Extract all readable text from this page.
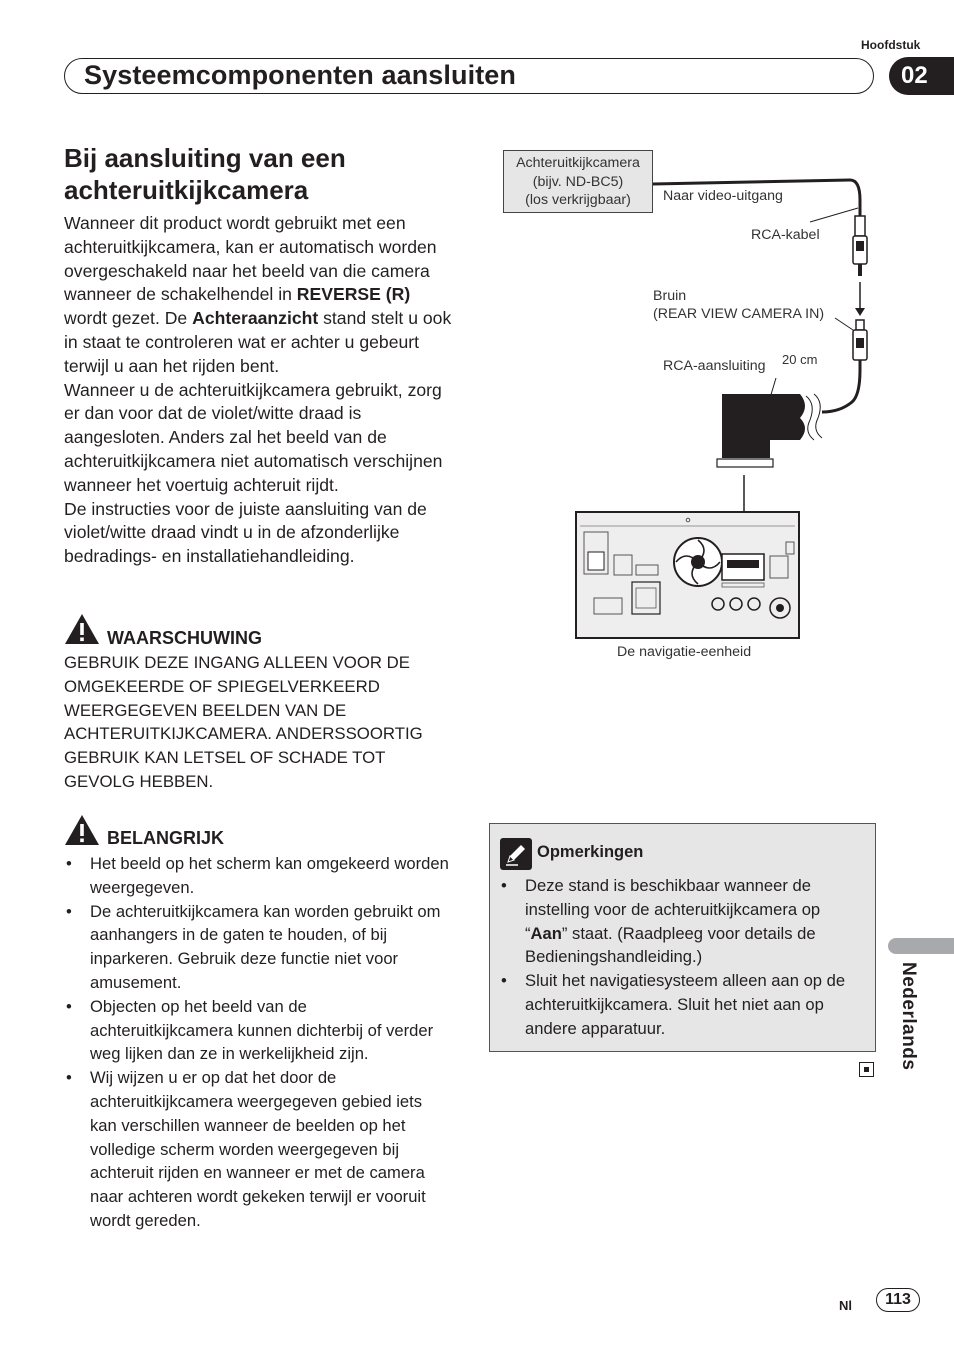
Hoofdstuk
Systeemcomponenten aansluiten	02
Bij aansluiting van een
achteruitkijkcamera

Wanneer dit product wordt gebruikt met een achteruitkijkcamera, kan er automatisch worden overgeschakeld naar het beeld van die camera wanneer de schakelhendel in REVERSE (R) wordt gezet. De Achteraanzicht stand stelt u ook in staat te controleren wat er achter u gebeurt terwijl u aan het rijden bent.

Wanneer u de achteruitkijkcamera gebruikt, zorg er dan voor dat de violet/witte draad is aangesloten. Anders zal het beeld van de achteruitkijkcamera niet automatisch verschijnen wanneer het voertuig achteruit rijdt.

De instructies voor de juiste aansluiting van de violet/witte draad vindt u in de afzonderlijke bedradings- en installatiehandleiding.

WAARSCHUWING
GEBRUIK DEZE INGANG ALLEEN VOOR DE OMGEKEERDE OF SPIEGELVERKEERD WEERGEGEVEN BEELDEN VAN DE ACHTERUITKIJKCAMERA. ANDERSSOORTIG GEBRUIK KAN LETSEL OF SCHADE TOT GEVOLG HEBBEN.
BELANGRIJK
• Het beeld op het scherm kan omgekeerd worden weergegeven.
• De achteruitkijkcamera kan worden gebruikt om aanhangers in de gaten te houden, of bij inparkeren. Gebruik deze functie niet voor amusement.
• Objecten op het beeld van de achteruitkijkcamera kunnen dichterbij of verder weg lijken dan ze in werkelijkheid zijn.
• Wij wijzen u er op dat het door de achteruitkijkcamera weergegeven gebied iets kan verschillen wanneer de beelden op het volledige scherm worden weergegeven bij achteruit rijden en wanneer er met de camera naar achteren wordt gekeken terwijl er vooruit wordt gereden.
Achteruitkijkcamera
(bijv. ND-BC5)
(los verkrijgbaar)	Naar video-uitgang
RCA-kabel
Bruin
(REAR VIEW CAMERA IN)
RCA-aansluiting 20 cm
De navigatie-eenheid
Opmerkingen
• Deze stand is beschikbaar wanneer de instelling voor de achteruitkijkcamera op “Aan” staat. (Raadpleeg voor details de Bedieningshandleiding.)
• Sluit het navigatiesysteem alleen aan op de achteruitkijkcamera. Sluit het niet aan op andere apparatuur.	Nederlands
Nl	113
